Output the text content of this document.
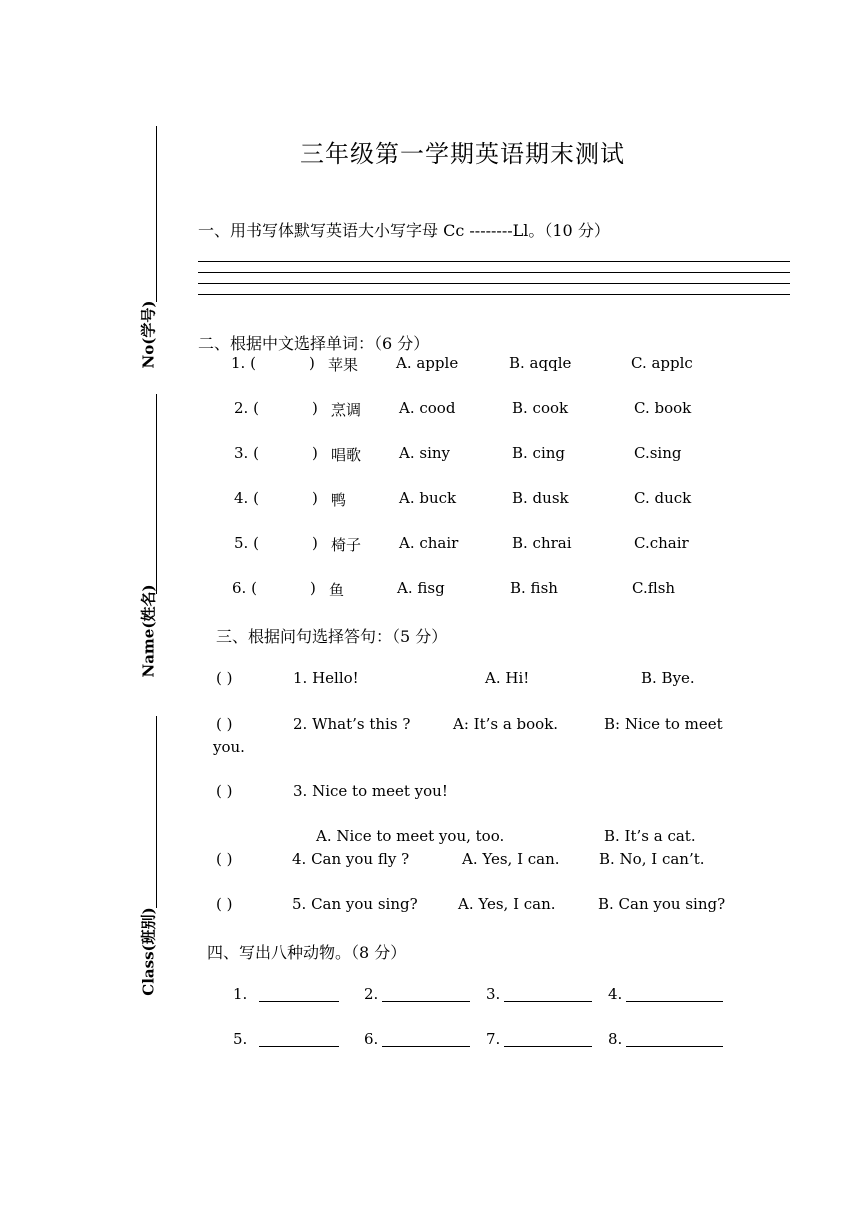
No(学号)
Name(姓名)
Class(班别)
三年级第一学期英语期末测试
一、用书写体默写英语大小写字母 Cc --------Ll。（10 分）
二、根据中文选择单词：（6 分）
1. (	) 苹果	A. apple	B. aqqle	C. applc
2. (	) 烹调	A. cood	B. cook	C. book
3. (	) 唱歌	A. siny	B. cing	C.sing
4. (	) 鸭	A. buck	B. dusk	C. duck
5. (	) 椅子	A. chair	B. chrai	C.chair
6. (	) 鱼	A. fisg	B. fish	C.flsh
三、根据问句选择答句：（5 分）
( )	1. Hello!	A. Hi!	B. Bye.
( )	2. What’s this ?	A: It’s a book.	B: Nice to meet
you.
( )	3. Nice to meet you!
A. Nice to meet you, too.	B. It’s a cat.
( )	4. Can you fly ?	A. Yes, I can.	B. No, I can’t.
( )	5. Can you sing?	A. Yes, I can.	B. Can you sing?
四、写出八种动物。（8 分）
1.	2.	3.	4.
5.	6.	7.	8.
